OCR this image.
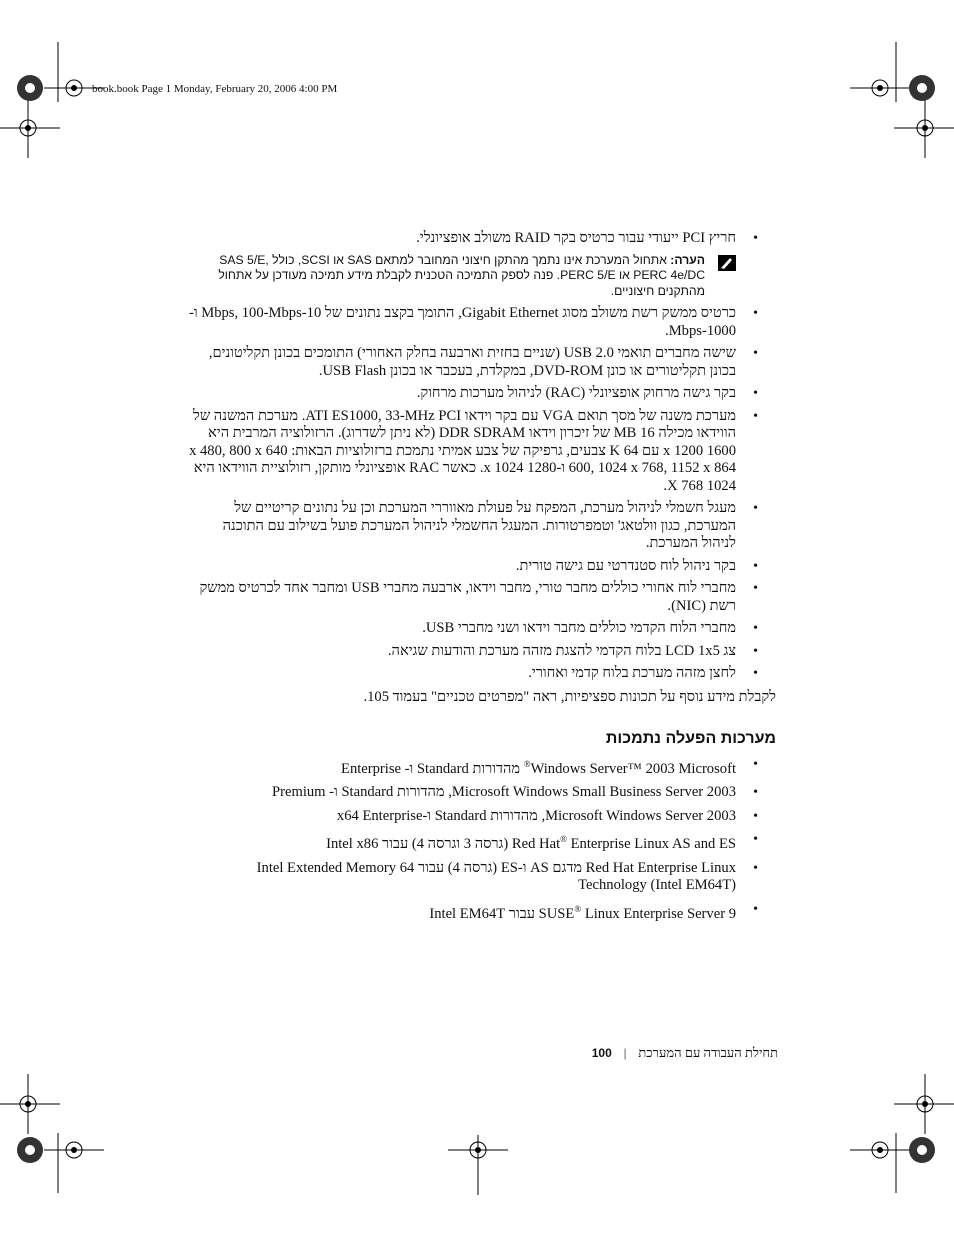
book.book Page 1 Monday, February 20, 2006 4:00 PM
•
חריץ PCI ייעודי עבור כרטיס בקר RAID משולב אופציונלי.
הערה: אתחול המערכת אינו נתמך מהתקן חיצוני המחובר למתאם SAS או SCSI, כולל SAS 5/E, PERC 4e/DC או PERC 5/E. פנה לספק התמיכה הטכנית לקבלת מידע תמיכה מעודכן על אתחול מהתקנים חיצוניים.
•
כרטיס ממשק רשת משולב מסוג Gigabit Ethernet, התומך בקצב נתונים של 10-Mbps, 100-Mbps ו- 1000-Mbps.
•
שישה מחברים תואמי USB 2.0 (שניים בחזית וארבעה בחלק האחורי) התומכים בכונן תקליטונים, בכונן תקליטורים או כונן DVD-ROM, במקלדת, בעכבר או בכונן USB Flash.
•
בקר גישה מרחוק אופציונלי (RAC) לניהול מערכות מרחוק.
•
מערכת משנה של מסך תואם VGA עם בקר וידאו ATI ES1000, 33-MHz PCI. מערכת המשנה של הווידאו מכילה 16 MB של זיכרון וידאו DDR SDRAM (לא ניתן לשדרוג). הרזולוציה המרבית היא 1600 x 1200 עם 64 K צבעים, גרפיקה של צבע אמיתי נתמכת ברזולוציות הבאות: 640 x 480, 800 x 600, 1024 x 768, 1152 x 864 ו-1280 x 1024. כאשר RAC אופציונלי מותקן, רזולוציית הווידאו היא 1024 X 768.
•
מעגל חשמלי לניהול מערכת, המפקח על פעולת מאווררי המערכת וכן על נתונים קריטיים של המערכת, כגון וולטאג' וטמפרטורות. המעגל החשמלי לניהול המערכת פועל בשילוב עם התוכנה לניהול המערכת.
•
בקר ניהול לוח סטנדרטי עם גישה טורית.
•
מחברי לוח אחורי כוללים מחבר טורי, מחבר וידאו, ארבעה מחברי USB ומחבר אחד לכרטיס ממשק רשת (NIC).
•
מחברי הלוח הקדמי כוללים מחבר וידאו ושני מחברי USB.
•
צג LCD 1x5 בלוח הקדמי להצגת מזהה מערכת והודעות שגיאה.
•
לחצן מזהה מערכת בלוח קדמי ואחורי.

לקבלת מידע נוסף על תכונות ספציפיות, ראה "מפרטים טכניים" בעמוד 105.

מערכות הפעלה נתמכות
•
Windows Server™ 2003 Microsoft® מהדורות Standard ו- Enterprise
•
Microsoft Windows Small Business Server 2003, מהדורות Standard ו- Premium
•
Microsoft Windows Server 2003, מהדורות Standard ו-x64 Enterprise
•
Red Hat® Enterprise Linux AS and ES (גרסה 3 וגרסה 4) עבור Intel x86
•
Red Hat Enterprise Linux מדגם AS ו-ES (גרסה 4) עבור Intel Extended Memory 64 Technology (Intel EM64T)
•
SUSE® Linux Enterprise Server 9 עבור Intel EM64T
תחילת העבודה עם המערכת|100
